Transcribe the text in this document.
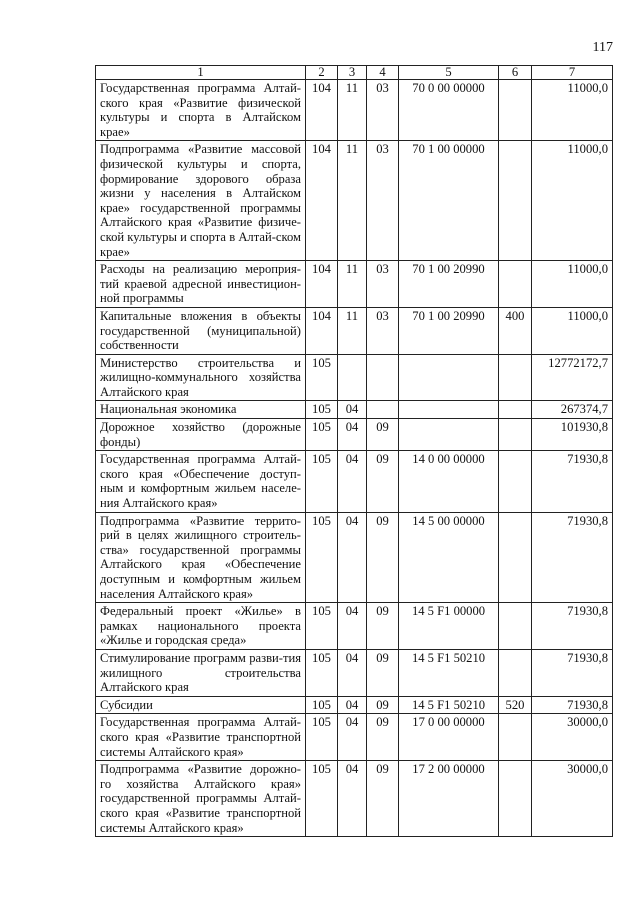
117
1	2	3	4	5	6	7
Государственная программа Алтай-ского края «Развитие физической культуры и спорта в Алтайском крае»	104	11	03	70 0 00 00000		11000,0
Подпрограмма «Развитие массовой физической культуры и спорта, формирование здорового образа жизни у населения в Алтайском крае» государственной программы Алтайского края «Развитие физиче-ской культуры и спорта в Алтай-ском крае»	104	11	03	70 1 00 00000		11000,0
Расходы на реализацию мероприя-тий краевой адресной инвестицион-ной программы	104	11	03	70 1 00 20990		11000,0
Капитальные вложения в объекты государственной (муниципальной) собственности	104	11	03	70 1 00 20990	400	11000,0
Министерство строительства и жилищно-коммунального хозяйства Алтайского края	105					12772172,7
Национальная экономика	105	04				267374,7
Дорожное хозяйство (дорожные фонды)	105	04	09			101930,8
Государственная программа Алтай-ского края «Обеспечение доступ-ным и комфортным жильем населе-ния Алтайского края»	105	04	09	14 0 00 00000		71930,8
Подпрограмма «Развитие террито-рий в целях жилищного строитель-ства» государственной программы Алтайского края «Обеспечение доступным и комфортным жильем населения Алтайского края»	105	04	09	14 5 00 00000		71930,8
Федеральный проект «Жилье» в рамках национального проекта «Жилье и городская среда»	105	04	09	14 5 F1 00000		71930,8
Стимулирование программ разви-тия жилищного строительства Алтайского края	105	04	09	14 5 F1 50210		71930,8
Субсидии	105	04	09	14 5 F1 50210	520	71930,8
Государственная программа Алтай-ского края «Развитие транспортной системы Алтайского края»	105	04	09	17 0 00 00000		30000,0
Подпрограмма «Развитие дорожно-го хозяйства Алтайского края» государственной программы Алтай-ского края «Развитие транспортной системы Алтайского края»	105	04	09	17 2 00 00000		30000,0
